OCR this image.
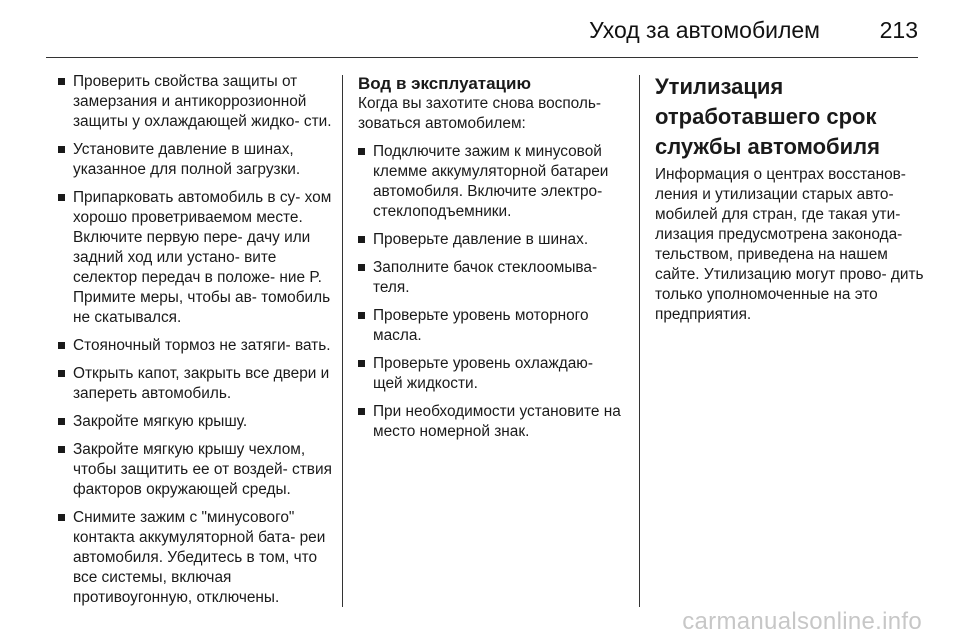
Уход за автомобилем	213
Проверить свойства защиты от замерзания и антикоррозионной защиты у охлаждающей жидко- сти.
Установите давление в шинах, указанное для полной загрузки.
Припарковать автомобиль в су- хом хорошо проветриваемом месте. Включите первую пере- дачу или задний ход или устано- вите селектор передач в положе- ние P. Примите меры, чтобы ав- томобиль не скатывался.
Стояночный тормоз не затяги- вать.
Открыть капот, закрыть все двери и запереть автомобиль.
Закройте мягкую крышу.
Закройте мягкую крышу чехлом, чтобы защитить ее от воздей- ствия факторов окружающей среды.
Снимите зажим с "минусового" контакта аккумуляторной бата- реи автомобиля. Убедитесь в том, что все системы, включая противоугонную, отключены.
Вод в эксплуатацию

Когда вы захотите снова восполь- зоваться автомобилем:

Подключите зажим к минусовой клемме аккумуляторной батареи автомобиля. Включите электро- стеклоподъемники.
Проверьте давление в шинах.
Заполните бачок стеклоомыва- теля.
Проверьте уровень моторного масла.
Проверьте уровень охлаждаю- щей жидкости.
При необходимости установите на место номерной знак.
Утилизация отработавшего срок службы автомобиля

Информация о центрах восстанов- ления и утилизации старых авто- мобилей для стран, где такая ути- лизация предусмотрена законода- тельством, приведена на нашем сайте. Утилизацию могут прово- дить только уполномоченные на это предприятия.

carmanualsonline.info
